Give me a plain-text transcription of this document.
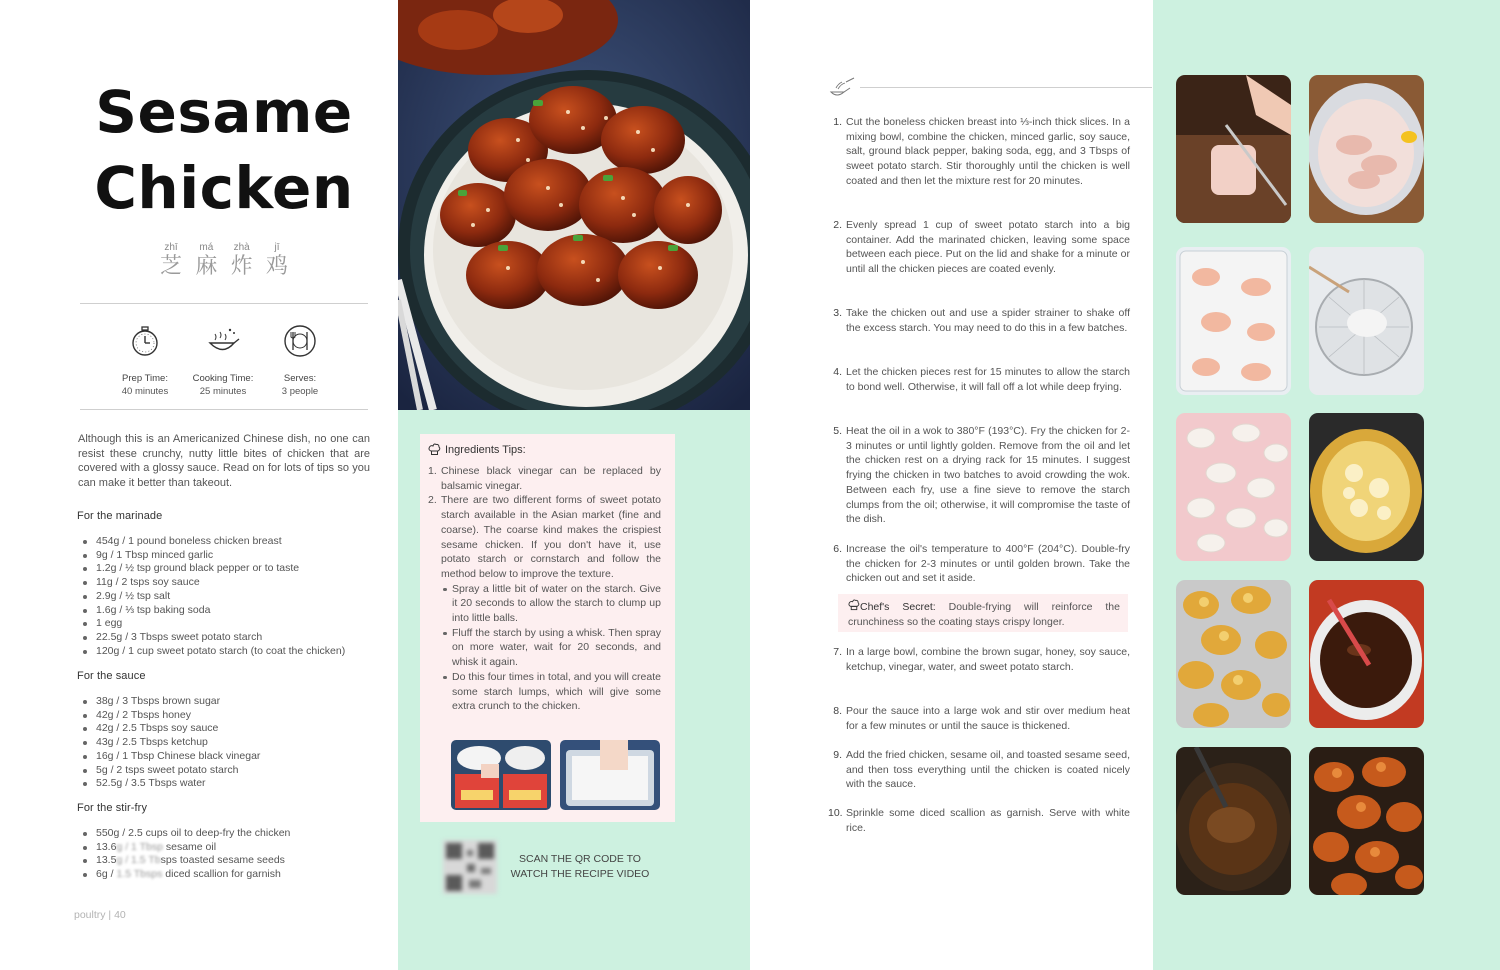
Sesame
Chicken
zhī
芝
má
麻
zhà
炸
jī
鸡
Prep Time:
40 minutes
Cooking Time:
25 minutes
Serves:
3 people

Although this is an Americanized Chinese dish, no one can resist these crunchy, nutty little bites of chicken that are covered with a glossy sauce. Read on for lots of tips so you can make it better than takeout.

For the marinade
454g / 1 pound boneless chicken breast
9g / 1 Tbsp minced garlic
1.2g / ½ tsp ground black pepper or to taste
11g / 2 tsps soy sauce
2.9g / ½ tsp salt
1.6g / ⅓ tsp baking soda
1 egg
22.5g / 3 Tbsps sweet potato starch
120g / 1 cup sweet potato starch (to coat the chicken)
For the sauce
38g / 3 Tbsps brown sugar
42g / 2 Tbsps honey
42g / 2.5 Tbsps soy sauce
43g / 2.5 Tbsps ketchup
16g / 1 Tbsp Chinese black vinegar
5g / 2 tsps sweet potato starch
52.5g / 3.5 Tbsps water
For the stir-fry
550g / 2.5 cups oil to deep-fry the chicken
13.6g / 1 Tbsp sesame oil
13.5g / 1.5 Tbsps toasted sesame seeds
6g / 1.5 Tbsps diced scallion for garnish
poultry | 40
Ingredients Tips:
1. Chinese black vinegar can be replaced by balsamic vinegar.
2. There are two different forms of sweet potato starch available in the Asian market (fine and coarse). The coarse kind makes the crispiest sesame chicken. If you don't have it, use potato starch or cornstarch and follow the method below to improve the texture.
Spray a little bit of water on the starch. Give it 20 seconds to allow the starch to clump up into little balls.
Fluff the starch by using a whisk. Then spray on more water, wait for 20 seconds, and whisk it again.
Do this four times in total, and you will create some starch lumps, which will give some extra crunch to the chicken.
SCAN THE QR CODE TO
WATCH THE RECIPE VIDEO
1. Cut the boneless chicken breast into ⅓-inch thick slices. In a mixing bowl, combine the chicken, minced garlic, soy sauce, salt, ground black pepper, baking soda, egg, and 3 Tbsps of sweet potato starch. Stir thoroughly until the chicken is well coated and then let the mixture rest for 20 minutes.
2. Evenly spread 1 cup of sweet potato starch into a big container. Add the marinated chicken, leaving some space between each piece. Put on the lid and shake for a minute or until all the chicken pieces are coated evenly.
3. Take the chicken out and use a spider strainer to shake off the excess starch. You may need to do this in a few batches.
4. Let the chicken pieces rest for 15 minutes to allow the starch to bond well. Otherwise, it will fall off a lot while deep frying.
5. Heat the oil in a wok to 380°F (193°C). Fry the chicken for 2-3 minutes or until lightly golden. Remove from the oil and let the chicken rest on a drying rack for 15 minutes. I suggest frying the chicken in two batches to avoid crowding the wok. Between each fry, use a fine sieve to remove the starch clumps from the oil; otherwise, it will compromise the taste of the dish.
6. Increase the oil's temperature to 400°F (204°C). Double-fry the chicken for 2-3 minutes or until golden brown. Take the chicken out and set it aside.
7. In a large bowl, combine the brown sugar, honey, soy sauce, ketchup, vinegar, water, and sweet potato starch.
8. Pour the sauce into a large wok and stir over medium heat for a few minutes or until the sauce is thickened.
9. Add the fried chicken, sesame oil, and toasted sesame seed, and then toss everything until the chicken is coated nicely with the sauce.
10. Sprinkle some diced scallion as garnish. Serve with white rice.
Chef's Secret: Double-frying will reinforce the crunchiness so the coating stays crispy longer.
